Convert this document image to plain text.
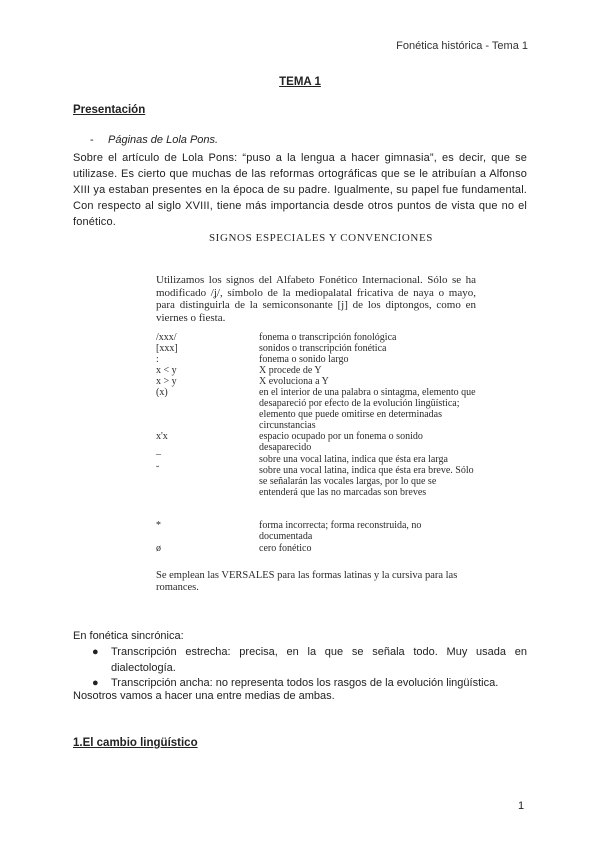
Fonética histórica - Tema 1
TEMA 1
Presentación
- Páginas de Lola Pons.
Sobre el artículo de Lola Pons: “puso a la lengua a hacer gimnasia”, es decir, que se utilizase. Es cierto que muchas de las reformas ortográficas que se le atribuían a Alfonso XIII ya estaban presentes en la época de su padre. Igualmente, su papel fue fundamental. Con respecto al siglo XVIII, tiene más importancia desde otros puntos de vista que no el fonético.
SIGNOS ESPECIALES Y CONVENCIONES
Utilizamos los signos del Alfabeto Fonético Internacional. Sólo se ha modificado /ʝ/, símbolo de la mediopalatal fricativa de naya o mayo, para distinguirla de la semiconsonante [j] de los diptongos, como en viernes o fiesta.
/xxx/	fonema o transcripción fonológica
[xxx]	sonidos o transcripción fonética
:	fonema o sonido largo
x < y	X procede de Y
x > y	X evoluciona a Y
(x)	en el interior de una palabra o sintagma, elemento que desapareció por efecto de la evolución lingüística; elemento que puede omitirse en determinadas circunstancias
x'x	espacio ocupado por un fonema o sonido desaparecido
¯	sobre una vocal latina, indica que ésta era larga
˘	sobre una vocal latina, indica que ésta era breve. Sólo se señalarán las vocales largas, por lo que se entenderá que las no marcadas son breves
*	forma incorrecta; forma reconstruida, no documentada
ø	cero fonético
Se emplean las VERSALES para las formas latinas y la cursiva para las romances.
En fonética sincrónica:
●	Transcripción estrecha: precisa, en la que se señala todo. Muy usada en dialectología.
●	Transcripción ancha: no representa todos los rasgos de la evolución lingüística.
Nosotros vamos a hacer una entre medias de ambas.
1.El cambio lingüístico
1
